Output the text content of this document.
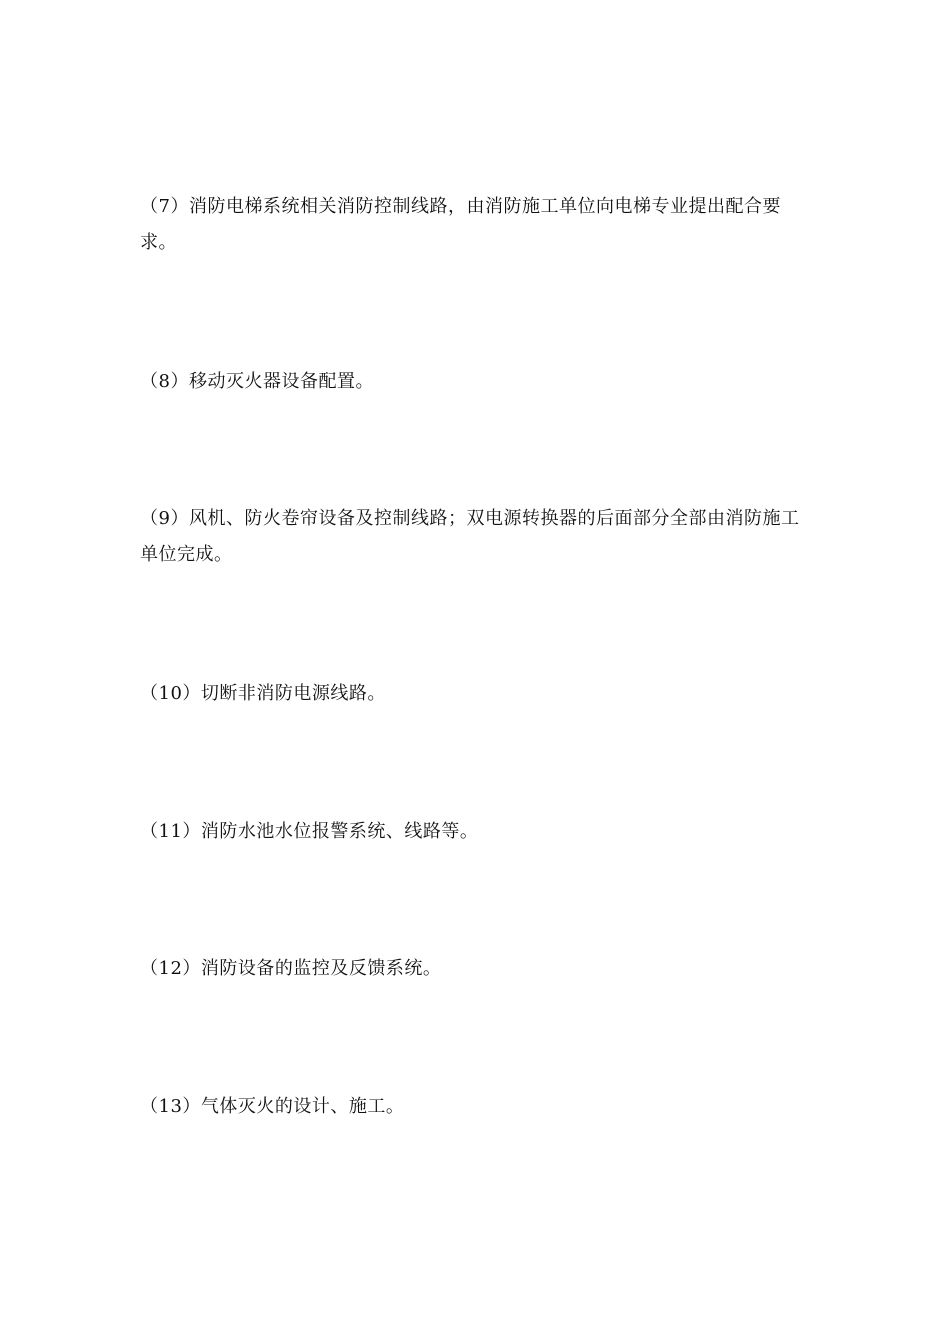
（7）消防电梯系统相关消防控制线路，由消防施工单位向电梯专业提出配合要求。

（8）移动灭火器设备配置。

（9）风机、防火卷帘设备及控制线路；双电源转换器的后面部分全部由消防施工单位完成。

（10）切断非消防电源线路。

（11）消防水池水位报警系统、线路等。

（12）消防设备的监控及反馈系统。

（13）气体灭火的设计、施工。
